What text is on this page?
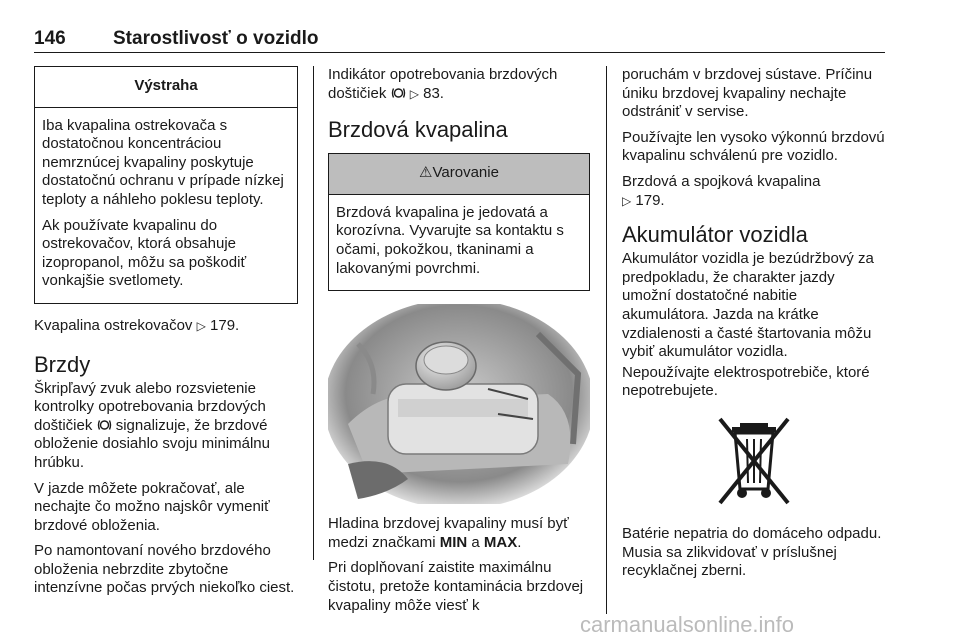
146 Starostlivosť o vozidlo
Výstraha

Iba kvapalina ostrekovača s dostatočnou koncentráciou nemrznúcej kvapaliny poskytuje dostatočnú ochranu v prípade nízkej teploty a náhleho poklesu teploty.

Ak používate kvapalinu do ostrekovačov, ktorá obsahuje izopropanol, môžu sa poškodiť vonkajšie svetlomety.

Kvapalina ostrekovačov ▷ 179.

Brzdy

Škripľavý zvuk alebo rozsvietenie kontrolky opotrebovania brzdových doštičiek signalizuje, že brzdové obloženie dosiahlo svoju minimálnu hrúbku.

V jazde môžete pokračovať, ale nechajte čo možno najskôr vymeniť brzdové obloženia.

Po namontovaní nového brzdového obloženia nebrzdite zbytočne intenzívne počas prvých niekoľko ciest.

Indikátor opotrebovania brzdových doštičiek ▷ 83.

Brzdová kvapalina
⚠Varovanie

Brzdová kvapalina je jedovatá a korozívna. Vyvarujte sa kontaktu s očami, pokožkou, tkaninami a lakovanými povrchmi.

Hladina brzdovej kvapaliny musí byť medzi značkami MIN a MAX.

Pri doplňovaní zaistite maximálnu čistotu, pretože kontaminácia brzdovej kvapaliny môže viesť k

poruchám v brzdovej sústave. Príčinu úniku brzdovej kvapaliny nechajte odstrániť v servise.

Používajte len vysoko výkonnú brzdovú kvapalinu schválenú pre vozidlo.

Brzdová a spojková kvapalina
▷ 179.

Akumulátor vozidla

Akumulátor vozidla je bezúdržbový za predpokladu, že charakter jazdy umožní dostatočné nabitie akumulátora. Jazda na krátke vzdialenosti a časté štartovania môžu vybiť akumulátor vozidla.

Nepoužívajte elektrospotrebiče, ktoré nepotrebujete.

Batérie nepatria do domáceho odpadu. Musia sa zlikvidovať v príslušnej recyklačnej zberni.

carmanualsonline.info
